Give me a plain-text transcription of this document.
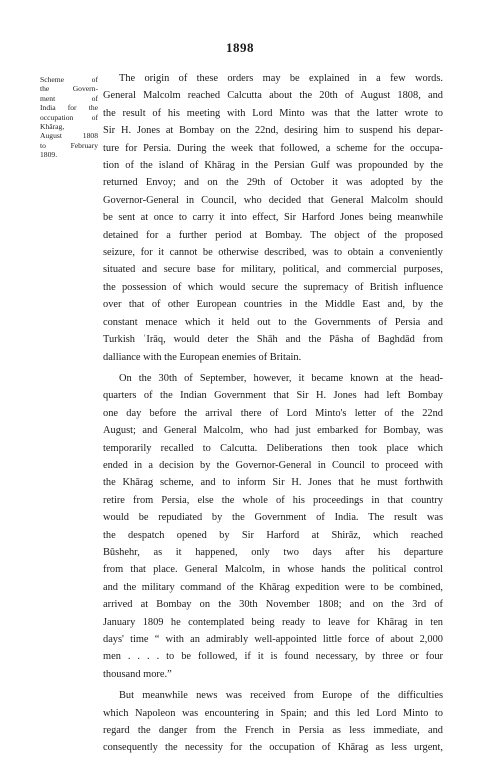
1898
Scheme of
the Govern-
ment of
India for the
occupation of
Khārag,
August 1808
to February
1809.
The origin of these orders may be explained in a few words.
General Malcolm reached Calcutta about the 20th of August 1808, and
the result of his meeting with Lord Minto was that the latter wrote to
Sir H. Jones at Bombay on the 22nd, desiring him to suspend his depar-
ture for Persia. During the week that followed, a scheme for the occupa-
tion of the island of Khārag in the Persian Gulf was propounded by the
returned Envoy; and on the 29th of October it was adopted by the
Governor-General in Council, who decided that General Malcolm should
be sent at once to carry it into effect, Sir Harford Jones being meanwhile
detained for a further period at Bombay. The object of the proposed
seizure, for it cannot be otherwise described, was to obtain a conveniently
situated and secure base for military, political, and commercial purposes,
the possession of which would secure the supremacy of British influence
over that of other European countries in the Middle East and, by the
constant menace which it held out to the Governments of Persia and
Turkish ʿIrāq, would deter the Shāh and the Pāsha of Baghdād from
dalliance with the European enemies of Britain.
On the 30th of September, however, it became known at the head-
quarters of the Indian Government that Sir H. Jones had left Bombay
one day before the arrival there of Lord Minto's letter of the 22nd
August; and General Malcolm, who had just embarked for Bombay, was
temporarily recalled to Calcutta. Deliberations then took place which
ended in a decision by the Governor-General in Council to proceed with
the Khārag scheme, and to inform Sir H. Jones that he must forthwith
retire from Persia, else the whole of his proceedings in that country
would be repudiated by the Government of India. The result was
the despatch opened by Sir Harford at Shirāz, which reached
Būshehr, as it happened, only two days after his departure
from that place. General Malcolm, in whose hands the political control
and the military command of the Khārag expedition were to be combined,
arrived at Bombay on the 30th November 1808; and on the 3rd of
January 1809 he contemplated being ready to leave for Khārag in ten
days' time “ with an admirably well-appointed little force of about 2,000
men . . . . to be followed, if it is found necessary, by three or four
thousand more.”
But meanwhile news was received from Europe of the difficulties
which Napoleon was encountering in Spain; and this led Lord Minto to
regard the danger from the French in Persia as less immediate, and
consequently the necessity for the occupation of Khārag as less urgent,
